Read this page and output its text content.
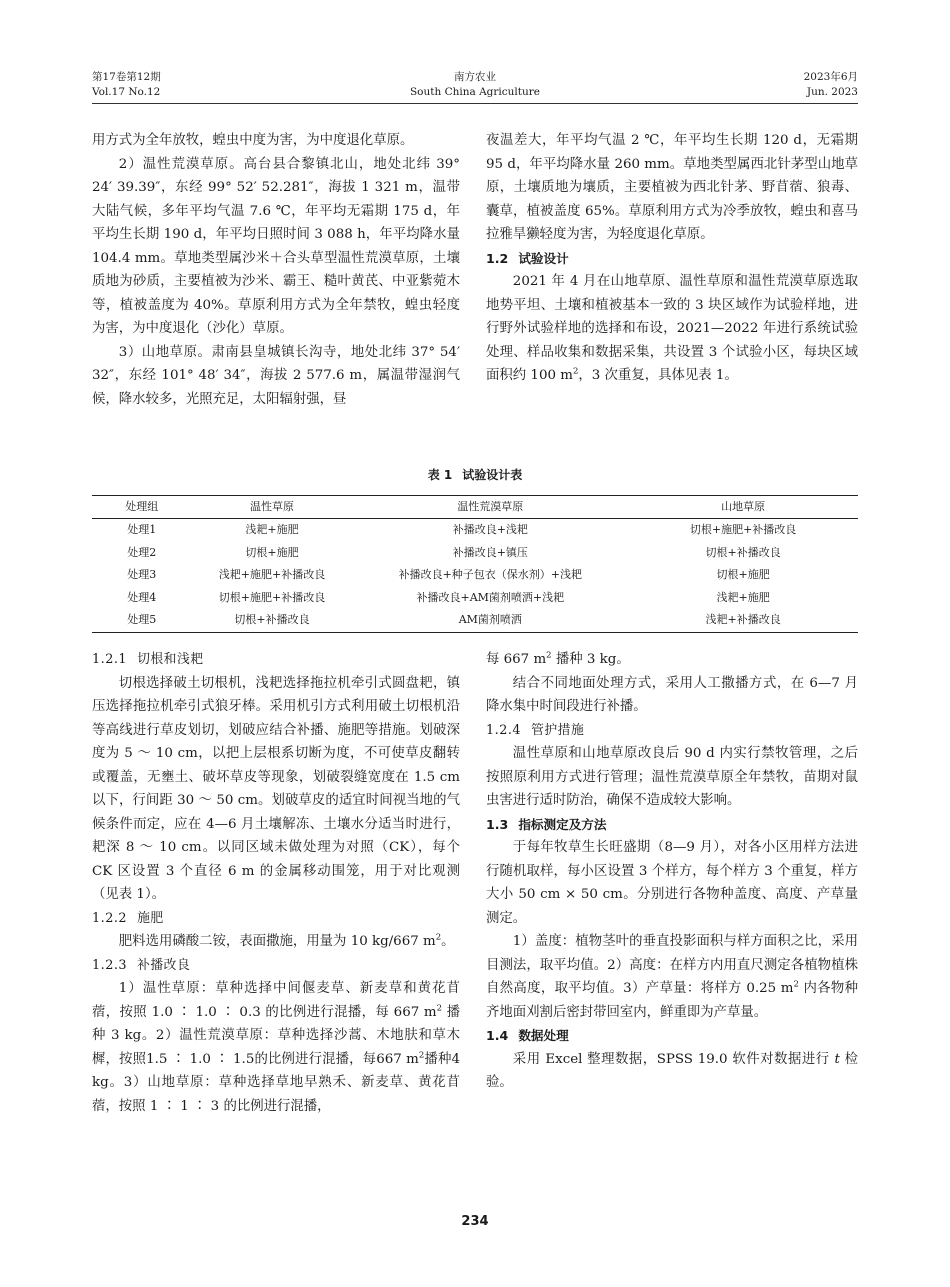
第17卷第12期
Vol.17 No.12
南方农业
South China Agriculture
2023年6月
Jun. 2023

用方式为全年放牧，蝗虫中度为害，为中度退化草原。

2）温性荒漠草原。高台县合黎镇北山，地处北纬 39° 24′ 39.39″，东经 99° 52′ 52.281″，海拔 1 321 m，温带大陆气候，多年平均气温 7.6 ℃，年平均无霜期 175 d，年平均生长期 190 d，年平均日照时间 3 088 h，年平均降水量 104.4 mm。草地类型属沙米＋合头草型温性荒漠草原，土壤质地为砂质，主要植被为沙米、霸王、糙叶黄芪、中亚紫菀木等，植被盖度为 40%。草原利用方式为全年禁牧，蝗虫轻度为害，为中度退化（沙化）草原。

3）山地草原。肃南县皇城镇长沟寺，地处北纬 37° 54′ 32″，东经 101° 48′ 34″，海拔 2 577.6 m，属温带湿润气候，降水较多，光照充足，太阳辐射强，昼

夜温差大，年平均气温 2 ℃，年平均生长期 120 d，无霜期 95 d，年平均降水量 260 mm。草地类型属西北针茅型山地草原，土壤质地为壤质，主要植被为西北针茅、野苜蓿、狼毒、囊草，植被盖度 65%。草原利用方式为冷季放牧，蝗虫和喜马拉雅旱獭轻度为害，为轻度退化草原。

1.2 试验设计

2021 年 4 月在山地草原、温性草原和温性荒漠草原选取地势平坦、土壤和植被基本一致的 3 块区域作为试验样地，进行野外试验样地的选择和布设，2021—2022 年进行系统试验处理、样品收集和数据采集，共设置 3 个试验小区，每块区域面积约 100 $m^2$，3 次重复，具体见表 1。

表 1 试验设计表
处理组	温性草原	温性荒漠草原	山地草原
处理1	浅耙+施肥	补播改良+浅耙	切根+施肥+补播改良
处理2	切根+施肥	补播改良+镇压	切根+补播改良
处理3	浅耙+施肥+补播改良	补播改良+种子包衣（保水剂）+浅耙	切根+施肥
处理4	切根+施肥+补播改良	补播改良+AM菌剂喷洒+浅耙	浅耙+施肥
处理5	切根+补播改良	AM菌剂喷洒	浅耙+补播改良

1.2.1 切根和浅耙

切根选择破土切根机，浅耙选择拖拉机牵引式圆盘耙，镇压选择拖拉机牵引式狼牙棒。采用机引方式利用破土切根机沿等高线进行草皮划切，划破应结合补播、施肥等措施。划破深度为 5 ～ 10 cm，以把上层根系切断为度，不可使草皮翻转或覆盖，无壅土、破坏草皮等现象，划破裂缝宽度在 1.5 cm 以下，行间距 30 ～ 50 cm。划破草皮的适宜时间视当地的气候条件而定，应在 4—6 月土壤解冻、土壤水分适当时进行，耙深 8 ～ 10 cm。以同区域未做处理为对照（CK），每个 CK 区设置 3 个直径 6 m 的金属移动围笼，用于对比观测（见表 1）。

1.2.2 施肥

肥料选用磷酸二铵，表面撒施，用量为 10 kg/667 $m^2$。

1.2.3 补播改良

1）温性草原：草种选择中间偃麦草、新麦草和黄花苜蓿，按照 1.0 ∶ 1.0 ∶ 0.3 的比例进行混播，每 667 $m^2$ 播种 3 kg。2）温性荒漠草原：草种选择沙蒿、木地肤和草木樨，按照1.5 ∶ 1.0 ∶ 1.5的比例进行混播，每667 $m^2$播种4 kg。3）山地草原：草种选择草地早熟禾、新麦草、黄花苜蓿，按照 1 ∶ 1 ∶ 3 的比例进行混播，

每 667 $m^2$ 播种 3 kg。

结合不同地面处理方式，采用人工撒播方式，在 6—7 月降水集中时间段进行补播。

1.2.4 管护措施

温性草原和山地草原改良后 90 d 内实行禁牧管理，之后按照原利用方式进行管理；温性荒漠草原全年禁牧，苗期对鼠虫害进行适时防治，确保不造成较大影响。

1.3 指标测定及方法

于每年牧草生长旺盛期（8—9 月），对各小区用样方法进行随机取样，每小区设置 3 个样方，每个样方 3 个重复，样方大小 50 cm × 50 cm。分别进行各物种盖度、高度、产草量测定。

1）盖度：植物茎叶的垂直投影面积与样方面积之比，采用目测法，取平均值。2）高度：在样方内用直尺测定各植物植株自然高度，取平均值。3）产草量：将样方 0.25 $m^2$ 内各物种齐地面刈割后密封带回室内，鲜重即为产草量。

1.4 数据处理

采用 Excel 整理数据，SPSS 19.0 软件对数据进行 t 检验。

234
